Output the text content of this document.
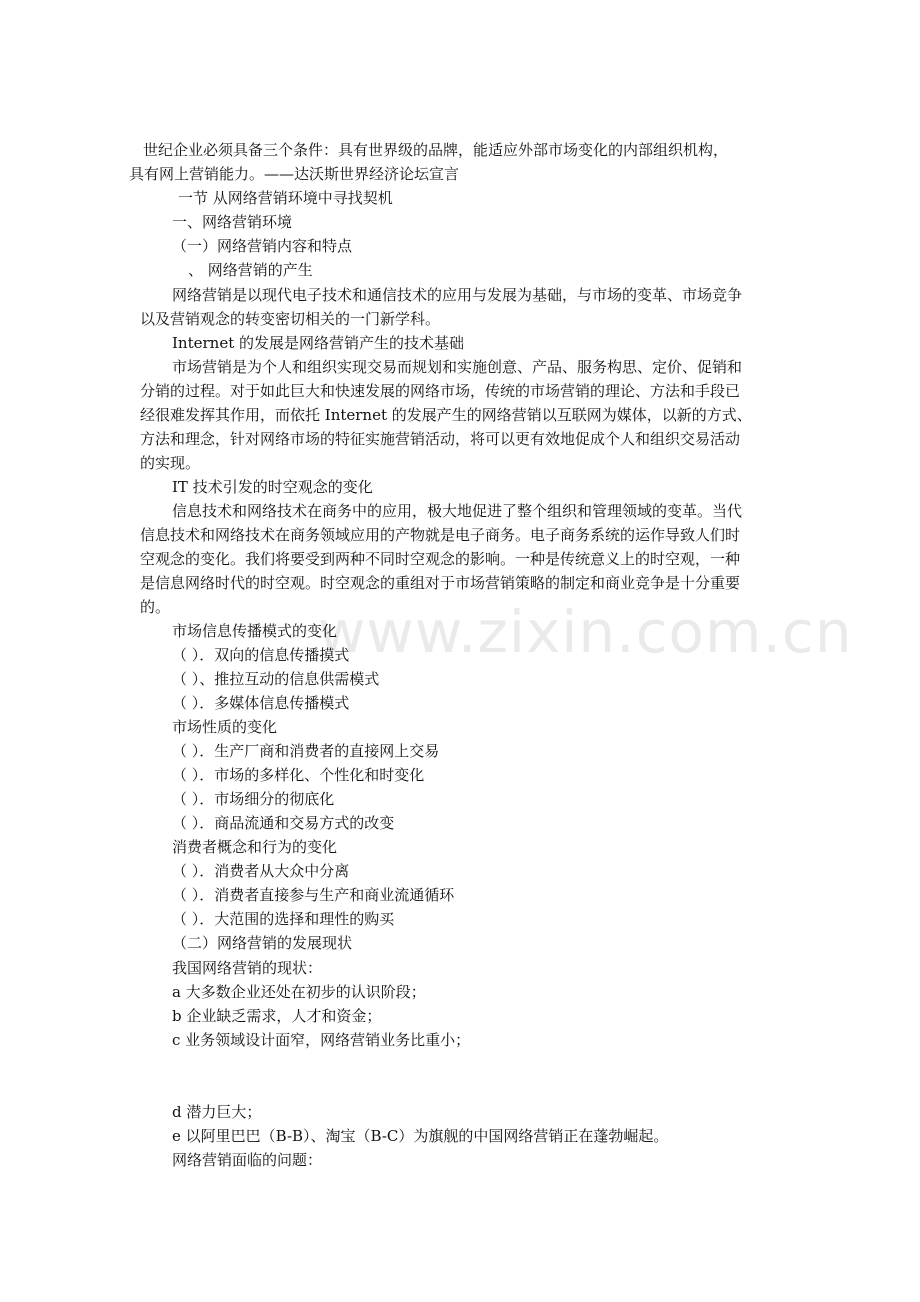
世纪企业必须具备三个条件：具有世界级的品牌，能适应外部市场变化的内部组织机构，
具有网上营销能力。——达沃斯世界经济论坛宣言
一节 从网络营销环境中寻找契机
一、网络营销环境
（一）网络营销内容和特点
、 网络营销的产生
网络营销是以现代电子技术和通信技术的应用与发展为基础，与市场的变革、市场竞争
以及营销观念的转变密切相关的一门新学科。
Internet 的发展是网络营销产生的技术基础
市场营销是为个人和组织实现交易而规划和实施创意、产品、服务构思、定价、促销和
分销的过程。对于如此巨大和快速发展的网络市场，传统的市场营销的理论、方法和手段已
经很难发挥其作用，而依托 Internet 的发展产生的网络营销以互联网为媒体，以新的方式、
方法和理念，针对网络市场的特征实施营销活动，将可以更有效地促成个人和组织交易活动
的实现。
IT 技术引发的时空观念的变化
信息技术和网络技术在商务中的应用，极大地促进了整个组织和管理领域的变革。当代
信息技术和网络技术在商务领域应用的产物就是电子商务。电子商务系统的运作导致人们时
空观念的变化。我们将要受到两种不同时空观念的影响。一种是传统意义上的时空观，一种
是信息网络时代的时空观。时空观念的重组对于市场营销策略的制定和商业竞争是十分重要
的。
市场信息传播模式的变化
（ ）．双向的信息传播摸式
（ ）、推拉互动的信息供需模式
（ ）．多媒体信息传播模式
市场性质的变化
（ ）．生产厂商和消费者的直接网上交易
（ ）．市场的多样化、个性化和时变化
（ ）．市场细分的彻底化
（ ）．商品流通和交易方式的改变
消费者概念和行为的变化
（ ）．消费者从大众中分离
（ ）．消费者直接参与生产和商业流通循环
（ ）．大范围的选择和理性的购买
（二）网络营销的发展现状
我国网络营销的现状：
a 大多数企业还处在初步的认识阶段；
b 企业缺乏需求，人才和资金；
c 业务领域设计面窄，网络营销业务比重小；
d 潜力巨大；
e 以阿里巴巴（B-B）、淘宝（B-C）为旗舰的中国网络营销正在蓬勃崛起。
网络营销面临的问题：
www.zixin.com.cn
